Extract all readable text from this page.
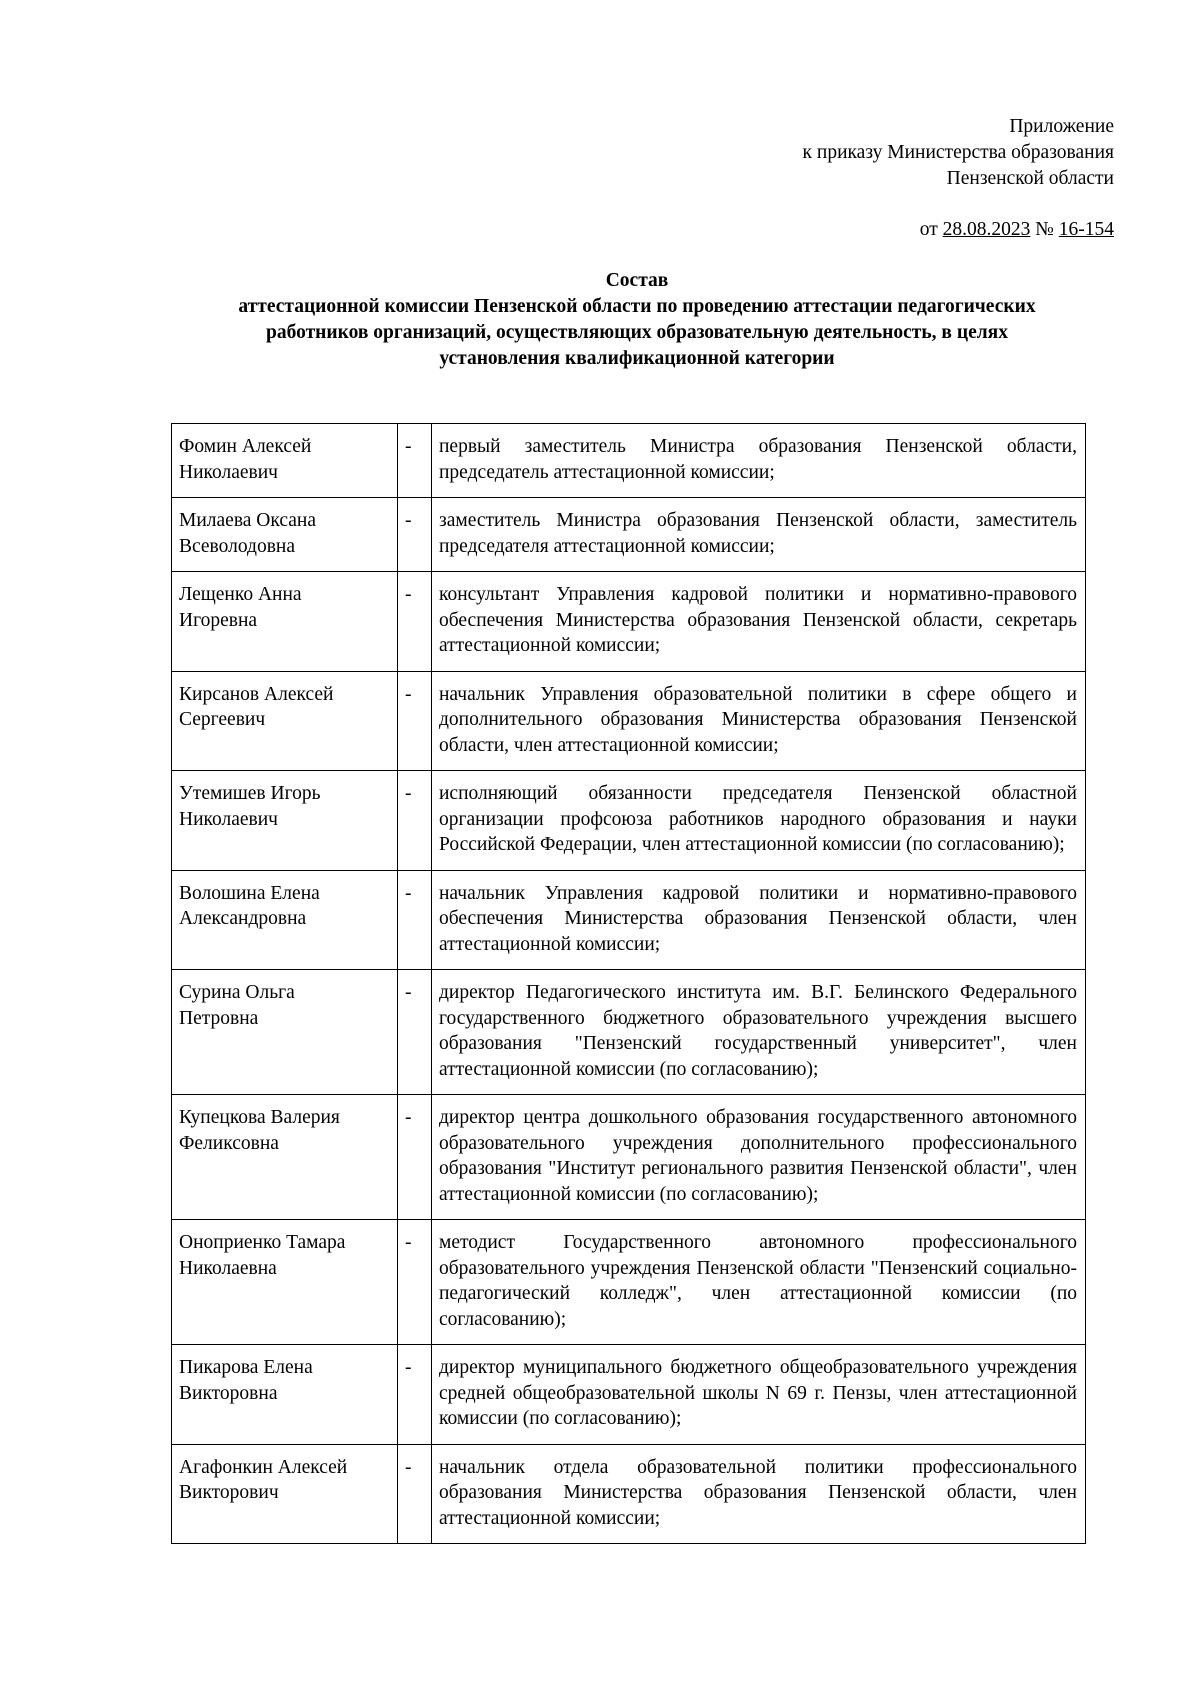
Приложение
к приказу Министерства образования
Пензенской области
от 28.08.2023 № 16-154
Состав
аттестационной комиссии Пензенской области по проведению аттестации педагогических
работников организаций, осуществляющих образовательную деятельность, в целях
установления квалификационной категории
Фомин Алексей
Николаевич	-	первый заместитель Министра образования Пензенской области, председатель аттестационной комиссии;

Милаева Оксана
Всеволодовна	-	заместитель Министра образования Пензенской области, заместитель председателя аттестационной комиссии;

Лещенко Анна
Игоревна	-	консультант Управления кадровой политики и нормативно-правового обеспечения Министерства образования Пензенской области, секретарь аттестационной комиссии;

Кирсанов Алексей
Сергеевич	-	начальник Управления образовательной политики в сфере общего и дополнительного образования Министерства образования Пензенской области, член аттестационной комиссии;

Утемишев Игорь
Николаевич	-	исполняющий обязанности председателя Пензенской областной организации профсоюза работников народного образования и науки Российской Федерации, член аттестационной комиссии (по согласованию);

Волошина Елена
Александровна	-	начальник Управления кадровой политики и нормативно-правового обеспечения Министерства образования Пензенской области, член аттестационной комиссии;

Сурина Ольга
Петровна	-	директор Педагогического института им. В.Г. Белинского Федерального государственного бюджетного образовательного учреждения высшего образования "Пензенский государственный университет", член аттестационной комиссии (по согласованию);

Купецкова Валерия
Феликсовна	-	директор центра дошкольного образования государственного автономного образовательного учреждения дополнительного профессионального образования "Институт регионального развития Пензенской области", член аттестационной комиссии (по согласованию);

Оноприенко Тамара
Николаевна	-	методист Государственного автономного профессионального образовательного учреждения Пензенской области "Пензенский социально-педагогический колледж", член аттестационной комиссии (по согласованию);

Пикарова Елена
Викторовна	-	директор муниципального бюджетного общеобразовательного учреждения средней общеобразовательной школы N 69 г. Пензы, член аттестационной комиссии (по согласованию);

Агафонкин Алексей
Викторович	-	начальник отдела образовательной политики профессионального образования Министерства образования Пензенской области, член аттестационной комиссии;
